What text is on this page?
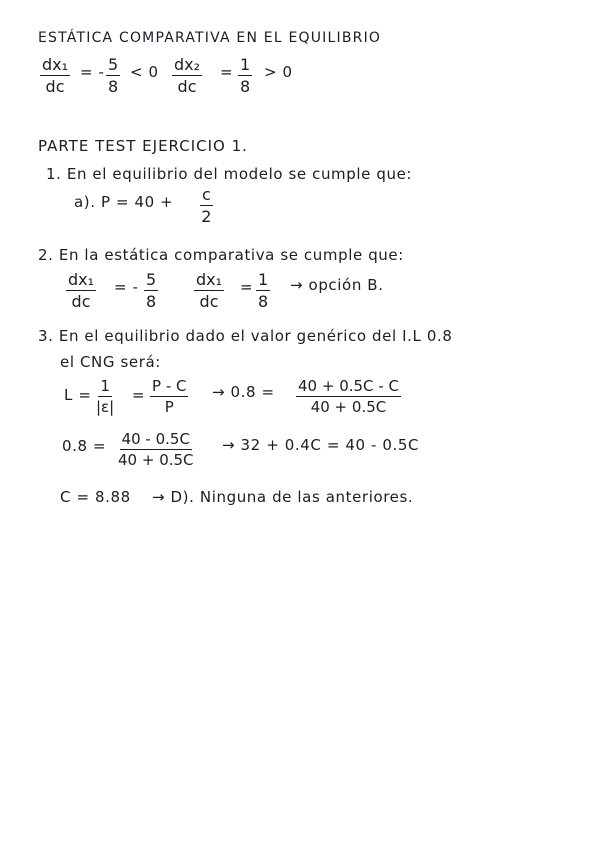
ESTÁTICA COMPARATIVA EN EL EQUILIBRIO
$\frac{\text{dx₁}}{dc}$ = - $\frac{5}{8} < 0 \frac{\text{dx₂}}{dc} = \frac{1}{8} > 0$
PARTE TEST EJERCICIO 1.
1. En el equilibrio del modelo se cumple que:
a). $P = 40 + \frac{c}{2}$
2. En la estática comparativa se cumple que:
$\frac{\text{dx₁}}{dc}$ = - $\frac{5}{8} \frac{\text{dx₁}}{dc} = \frac{1}{8}$ → opción B.
3. En el equilibrio dado el valor genérico del I.L 0.8
el CNG será:
$L = \frac{1}{|\varepsilon|} = \frac{P - C}{P} \to 0.8 = \frac{40 + 0.5C - C}{40 + 0.5C}$
$0.8 = \frac{40 - 0.5C}{40 + 0.5C} \to 32 + 0.4C = 40 - 0.5C$
C = 8.88 → D). Ninguna de las anteriores.
